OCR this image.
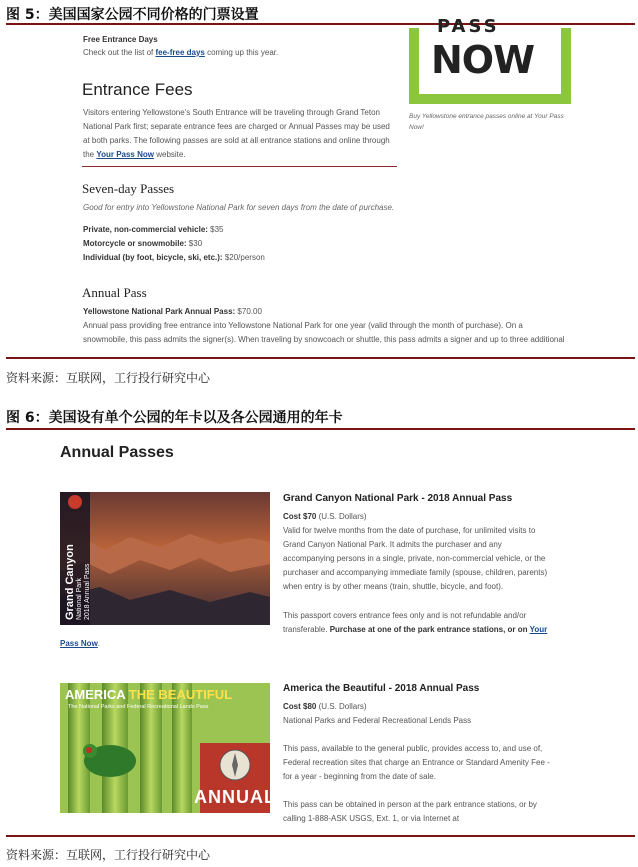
图 5：美国国家公园不同价格的门票设置
Free Entrance Days
Check out the list of fee-free days coming up this year.
PASS
NOW
Buy Yellowstone entrance passes online at Your Pass
Now!
Entrance Fees
Visitors entering Yellowstone's South Entrance will be traveling through Grand Teton
National Park first; separate entrance fees are charged or Annual Passes may be used
at both parks. The following passes are sold at all entrance stations and online through
the Your Pass Now website.
Seven-day Passes
Good for entry into Yellowstone National Park for seven days from the date of purchase.
Private, non-commercial vehicle: $35
Motorcycle or snowmobile: $30
Individual (by foot, bicycle, ski, etc.): $20/person
Annual Pass
Yellowstone National Park Annual Pass: $70.00
Annual pass providing free entrance into Yellowstone National Park for one year (valid through the month of purchase). On a
snowmobile, this pass admits the signer(s). When traveling by snowcoach or shuttle, this pass admits a signer and up to three additional
资料来源：互联网，工行投行研究中心
图 6：美国设有单个公园的年卡以及各公园通用的年卡
Annual Passes
Grand Canyon National Park 2018 Annual Pass
Grand Canyon National Park - 2018 Annual Pass
Cost $70 (U.S. Dollars)
Valid for twelve months from the date of purchase, for unlimited visits to
Grand Canyon National Park. It admits the purchaser and any
accompanying persons in a single, private, non-commercial vehicle, or the
purchaser and accompanying immediate family (spouse, children, parents)
when entry is by other means (train, shuttle, bicycle, and foot).
This passport covers entrance fees only and is not refundable and/or
transferable. Purchase at one of the park entrance stations, or on Your
Pass Now.
AMERICA THE BEAUTIFUL
The National Parks and Federal Recreational Lands Pass
ANNUAL
America the Beautiful - 2018 Annual Pass
Cost $80 (U.S. Dollars)
National Parks and Federal Recreational Lends Pass
This pass, available to the general public, provides access to, and use of,
Federal recreation sites that charge an Entrance or Standard Amenity Fee -
for a year - beginning from the date of sale.
This pass can be obtained in person at the park entrance stations, or by
calling 1-888-ASK USGS, Ext. 1, or via Internet at
资料来源：互联网，工行投行研究中心
